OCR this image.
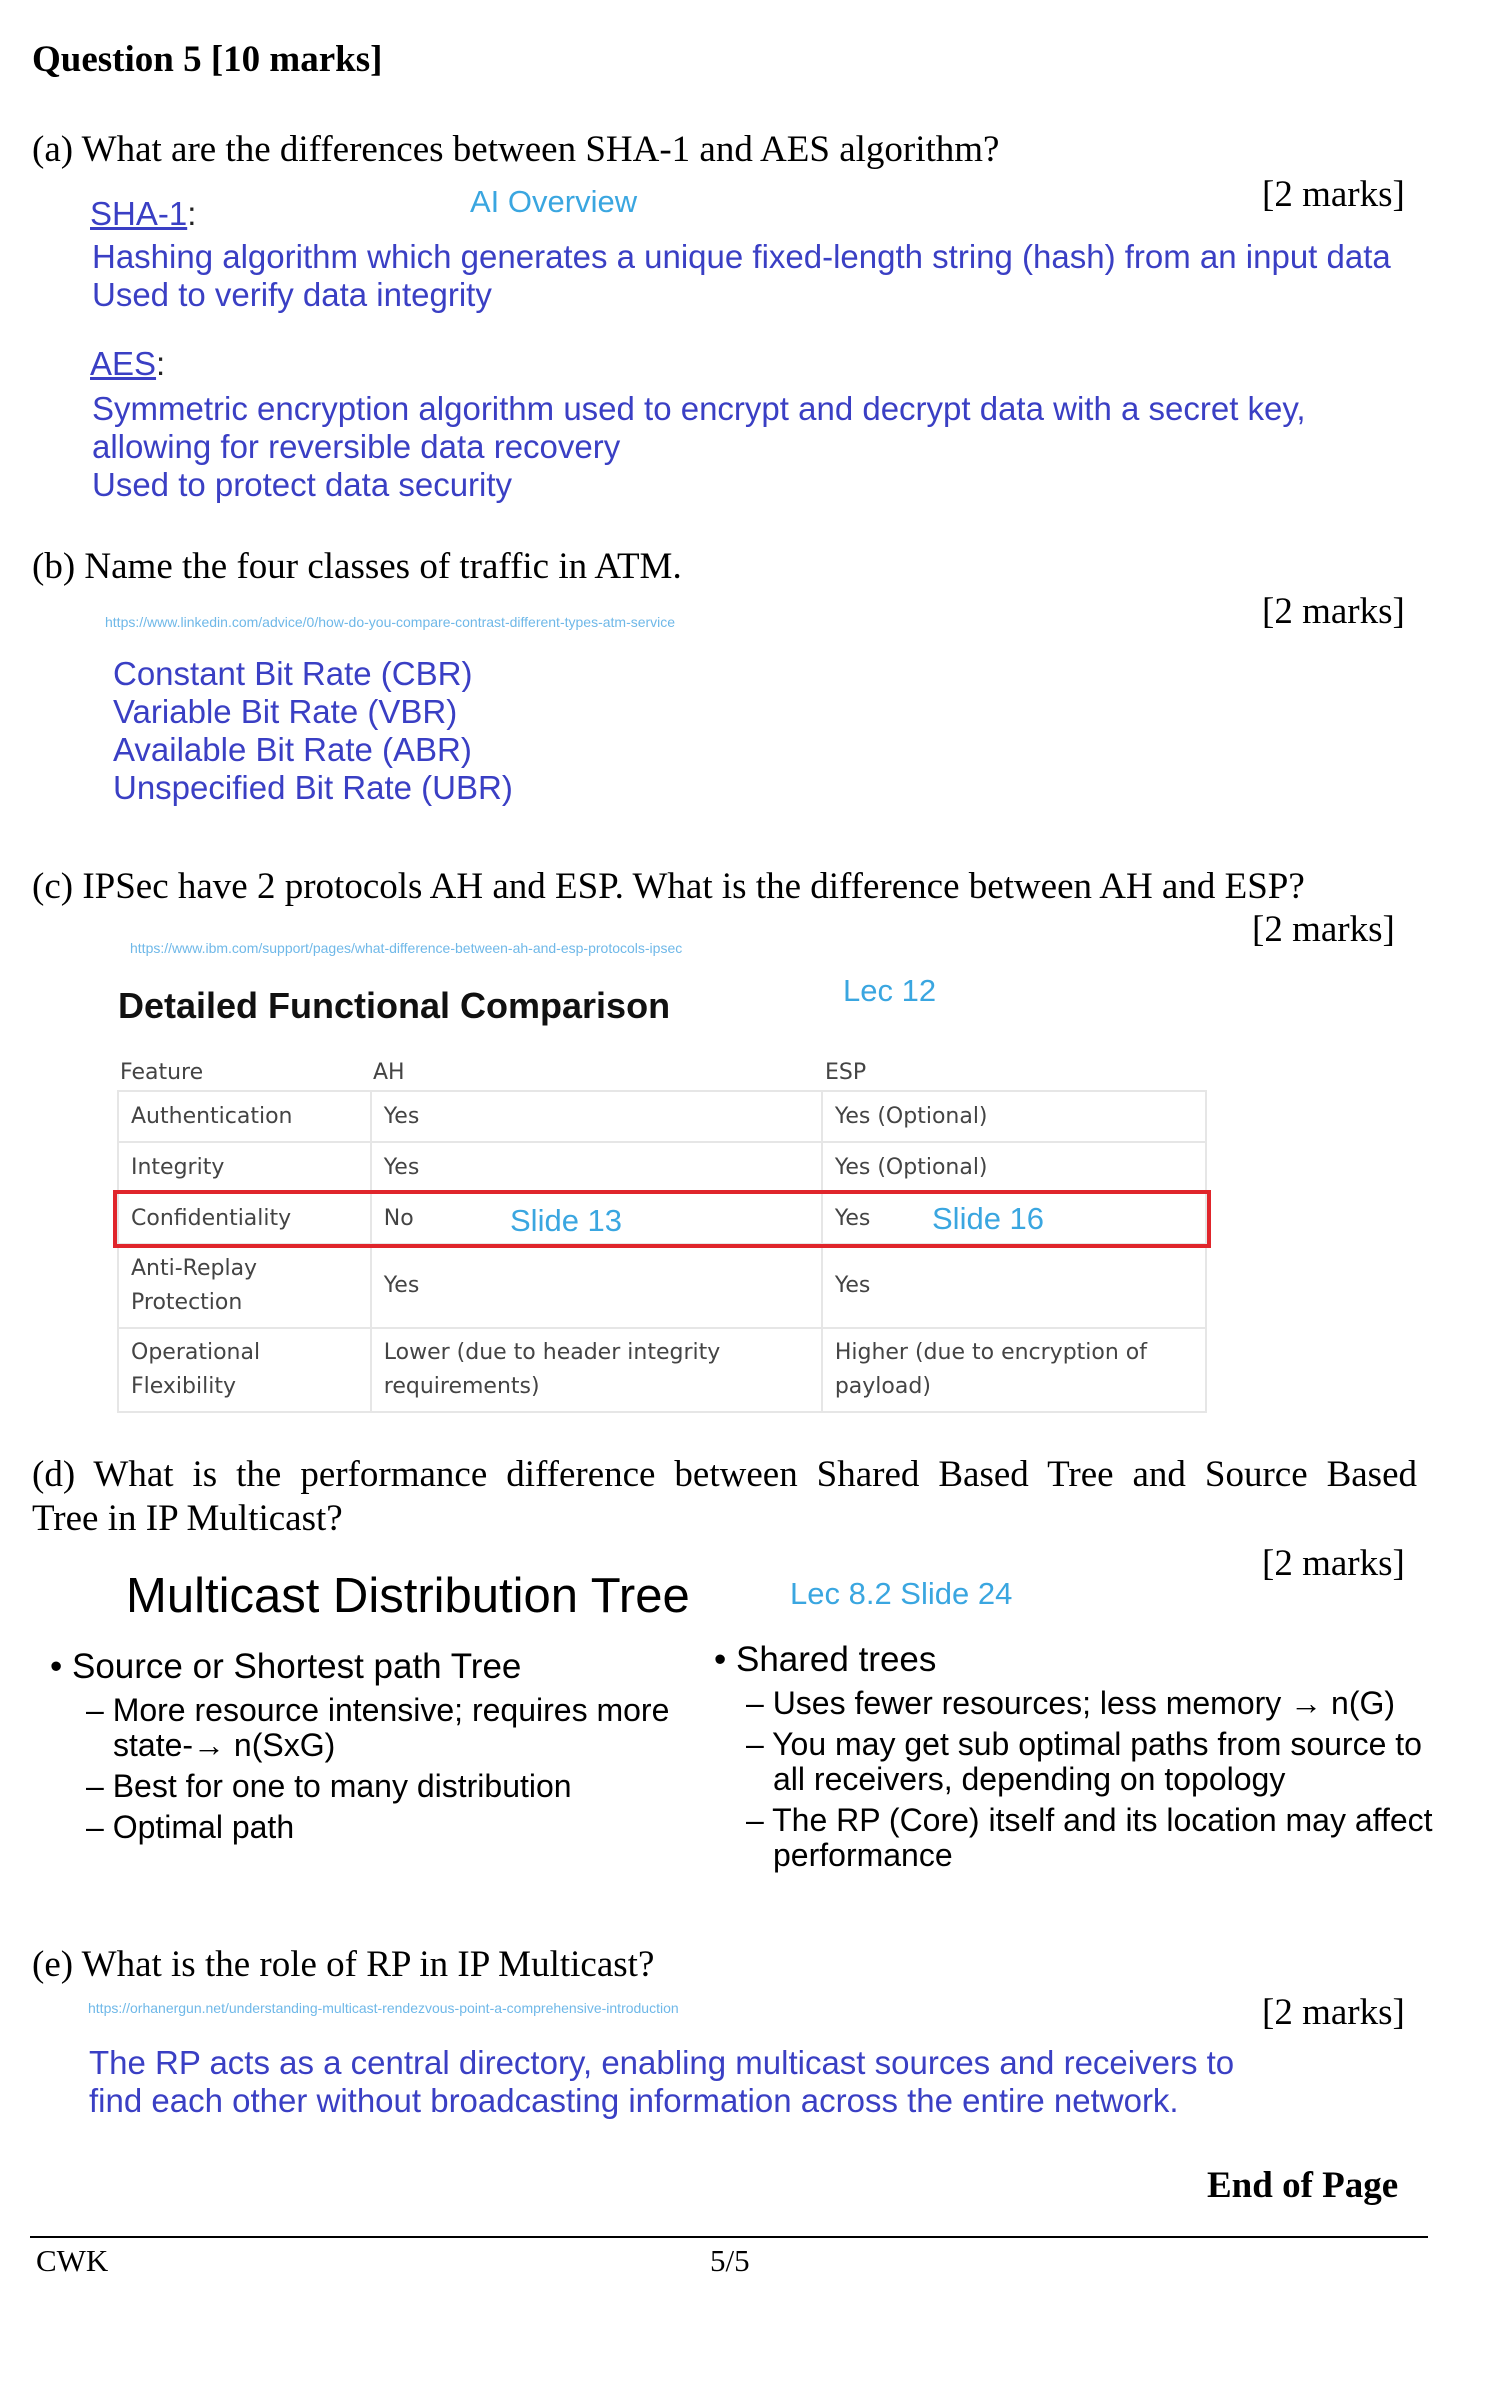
Question 5 [10 marks]
(a) What are the differences between SHA-1 and AES algorithm?
[2 marks]
AI Overview
SHA-1:
Hashing algorithm which generates a unique fixed-length string (hash) from an input data
Used to verify data integrity
AES:
Symmetric encryption algorithm used to encrypt and decrypt data with a secret key,
allowing for reversible data recovery
Used to protect data security
(b) Name the four classes of traffic in ATM.
[2 marks]
https://www.linkedin.com/advice/0/how-do-you-compare-contrast-different-types-atm-service
Constant Bit Rate (CBR)
Variable Bit Rate (VBR)
Available Bit Rate (ABR)
Unspecified Bit Rate (UBR)
(c) IPSec have 2 protocols AH and ESP. What is the difference between AH and ESP?
[2 marks]
https://www.ibm.com/support/pages/what-difference-between-ah-and-esp-protocols-ipsec
Detailed Functional Comparison	Lec 12
Feature	AH	ESP
Authentication	Yes	Yes (Optional)
Integrity	Yes	Yes (Optional)
Confidentiality	No	Yes
Anti-Replay Protection	Yes	Yes
Operational Flexibility	Lower (due to header integrity requirements)	Higher (due to encryption of payload)
Slide 13	Slide 16
(d) What is the performance difference between Shared Based Tree and Source Based
Tree in IP Multicast?
[2 marks]
Multicast Distribution Tree	Lec 8.2 Slide 24
• Source or Shortest path Tree
– More resource intensive; requires more state-→ n(SxG)
– Best for one to many distribution
– Optimal path
• Shared trees
– Uses fewer resources; less memory → n(G)
– You may get sub optimal paths from source to all receivers, depending on topology
– The RP (Core) itself and its location may affect performance
(e) What is the role of RP in IP Multicast?
[2 marks]
https://orhanergun.net/understanding-multicast-rendezvous-point-a-comprehensive-introduction
The RP acts as a central directory, enabling multicast sources and receivers to
find each other without broadcasting information across the entire network.
End of Page
CWK	5/5
